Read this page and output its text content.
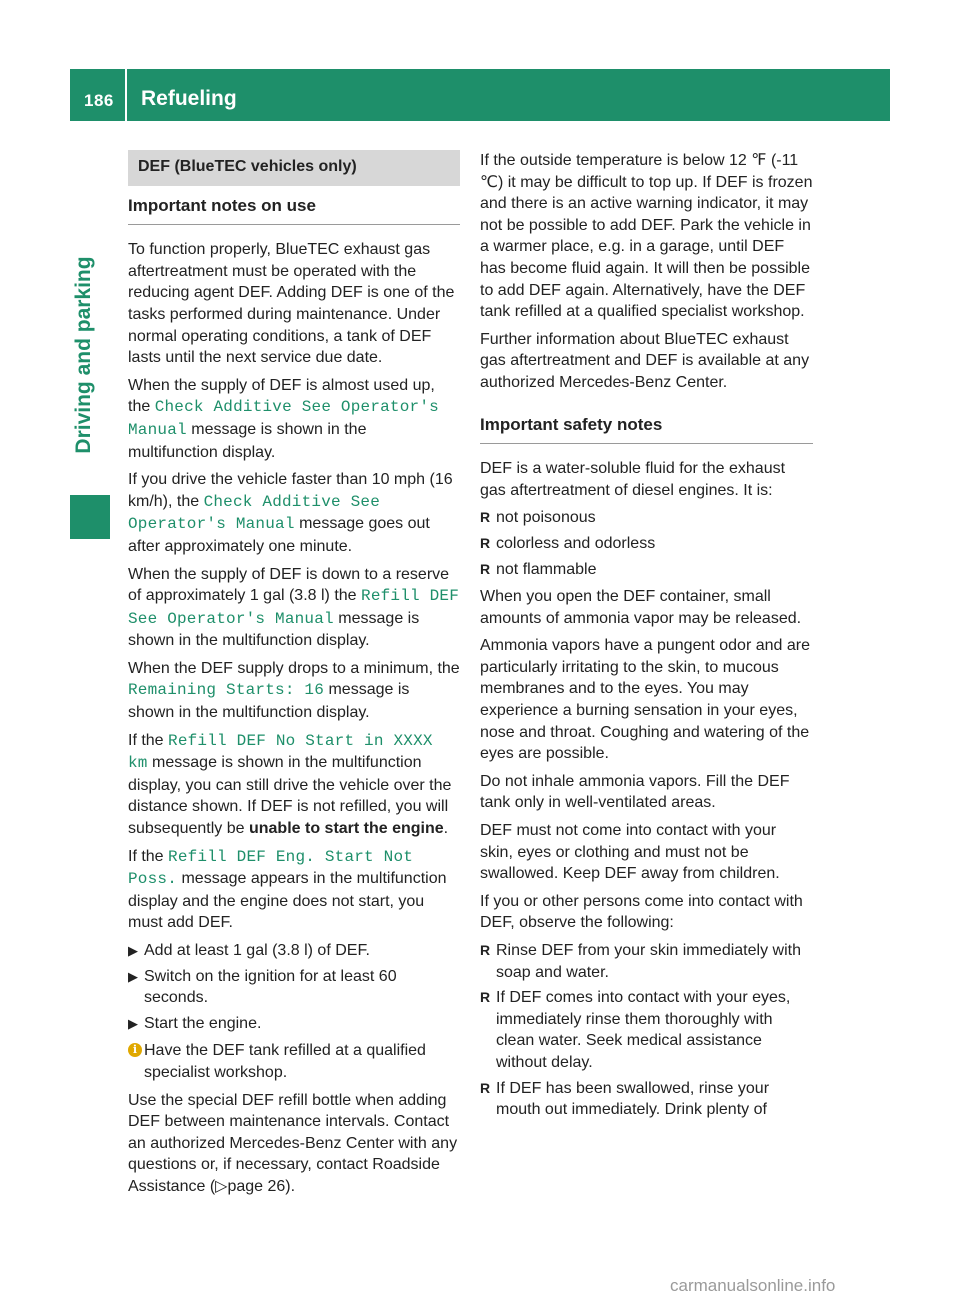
186 Refueling
Driving and parking
DEF (BlueTEC vehicles only)
Important notes on use

To function properly, BlueTEC exhaust gas aftertreatment must be operated with the reducing agent DEF. Adding DEF is one of the tasks performed during maintenance. Under normal operating conditions, a tank of DEF lasts until the next service due date.

When the supply of DEF is almost used up, the Check Additive See Operator's Manual message is shown in the multifunction display.

If you drive the vehicle faster than 10 mph (16 km/h), the Check Additive See Operator's Manual message goes out after approximately one minute.

When the supply of DEF is down to a reserve of approximately 1 gal (3.8 l) the Refill DEF See Operator's Manual message is shown in the multifunction display.

When the DEF supply drops to a minimum, the Remaining Starts: 16 message is shown in the multifunction display.

If the Refill DEF No Start in XXXX km message is shown in the multifunction display, you can still drive the vehicle over the distance shown. If DEF is not refilled, you will subsequently be unable to start the engine.

If the Refill DEF Eng. Start Not Poss. message appears in the multifunction display and the engine does not start, you must add DEF.

▶ Add at least 1 gal (3.8 l) of DEF.
▶ Switch on the ignition for at least 60 seconds.
▶ Start the engine.
i Have the DEF tank refilled at a qualified specialist workshop.

Use the special DEF refill bottle when adding DEF between maintenance intervals. Contact an authorized Mercedes-Benz Center with any questions or, if necessary, contact Roadside Assistance (▷page 26).

If the outside temperature is below 12 ℉ (-11 ℃) it may be difficult to top up. If DEF is frozen and there is an active warning indicator, it may not be possible to add DEF. Park the vehicle in a warmer place, e.g. in a garage, until DEF has become fluid again. It will then be possible to add DEF again. Alternatively, have the DEF tank refilled at a qualified specialist workshop.

Further information about BlueTEC exhaust gas aftertreatment and DEF is available at any authorized Mercedes-Benz Center.

Important safety notes

DEF is a water-soluble fluid for the exhaust gas aftertreatment of diesel engines. It is:

R not poisonous
R colorless and odorless
R not flammable

When you open the DEF container, small amounts of ammonia vapor may be released.

Ammonia vapors have a pungent odor and are particularly irritating to the skin, to mucous membranes and to the eyes. You may experience a burning sensation in your eyes, nose and throat. Coughing and watering of the eyes are possible.

Do not inhale ammonia vapors. Fill the DEF tank only in well-ventilated areas.

DEF must not come into contact with your skin, eyes or clothing and must not be swallowed. Keep DEF away from children.

If you or other persons come into contact with DEF, observe the following:

R Rinse DEF from your skin immediately with soap and water.
R If DEF comes into contact with your eyes, immediately rinse them thoroughly with clean water. Seek medical assistance without delay.
R If DEF has been swallowed, rinse your mouth out immediately. Drink plenty of
carmanualsonline.info
